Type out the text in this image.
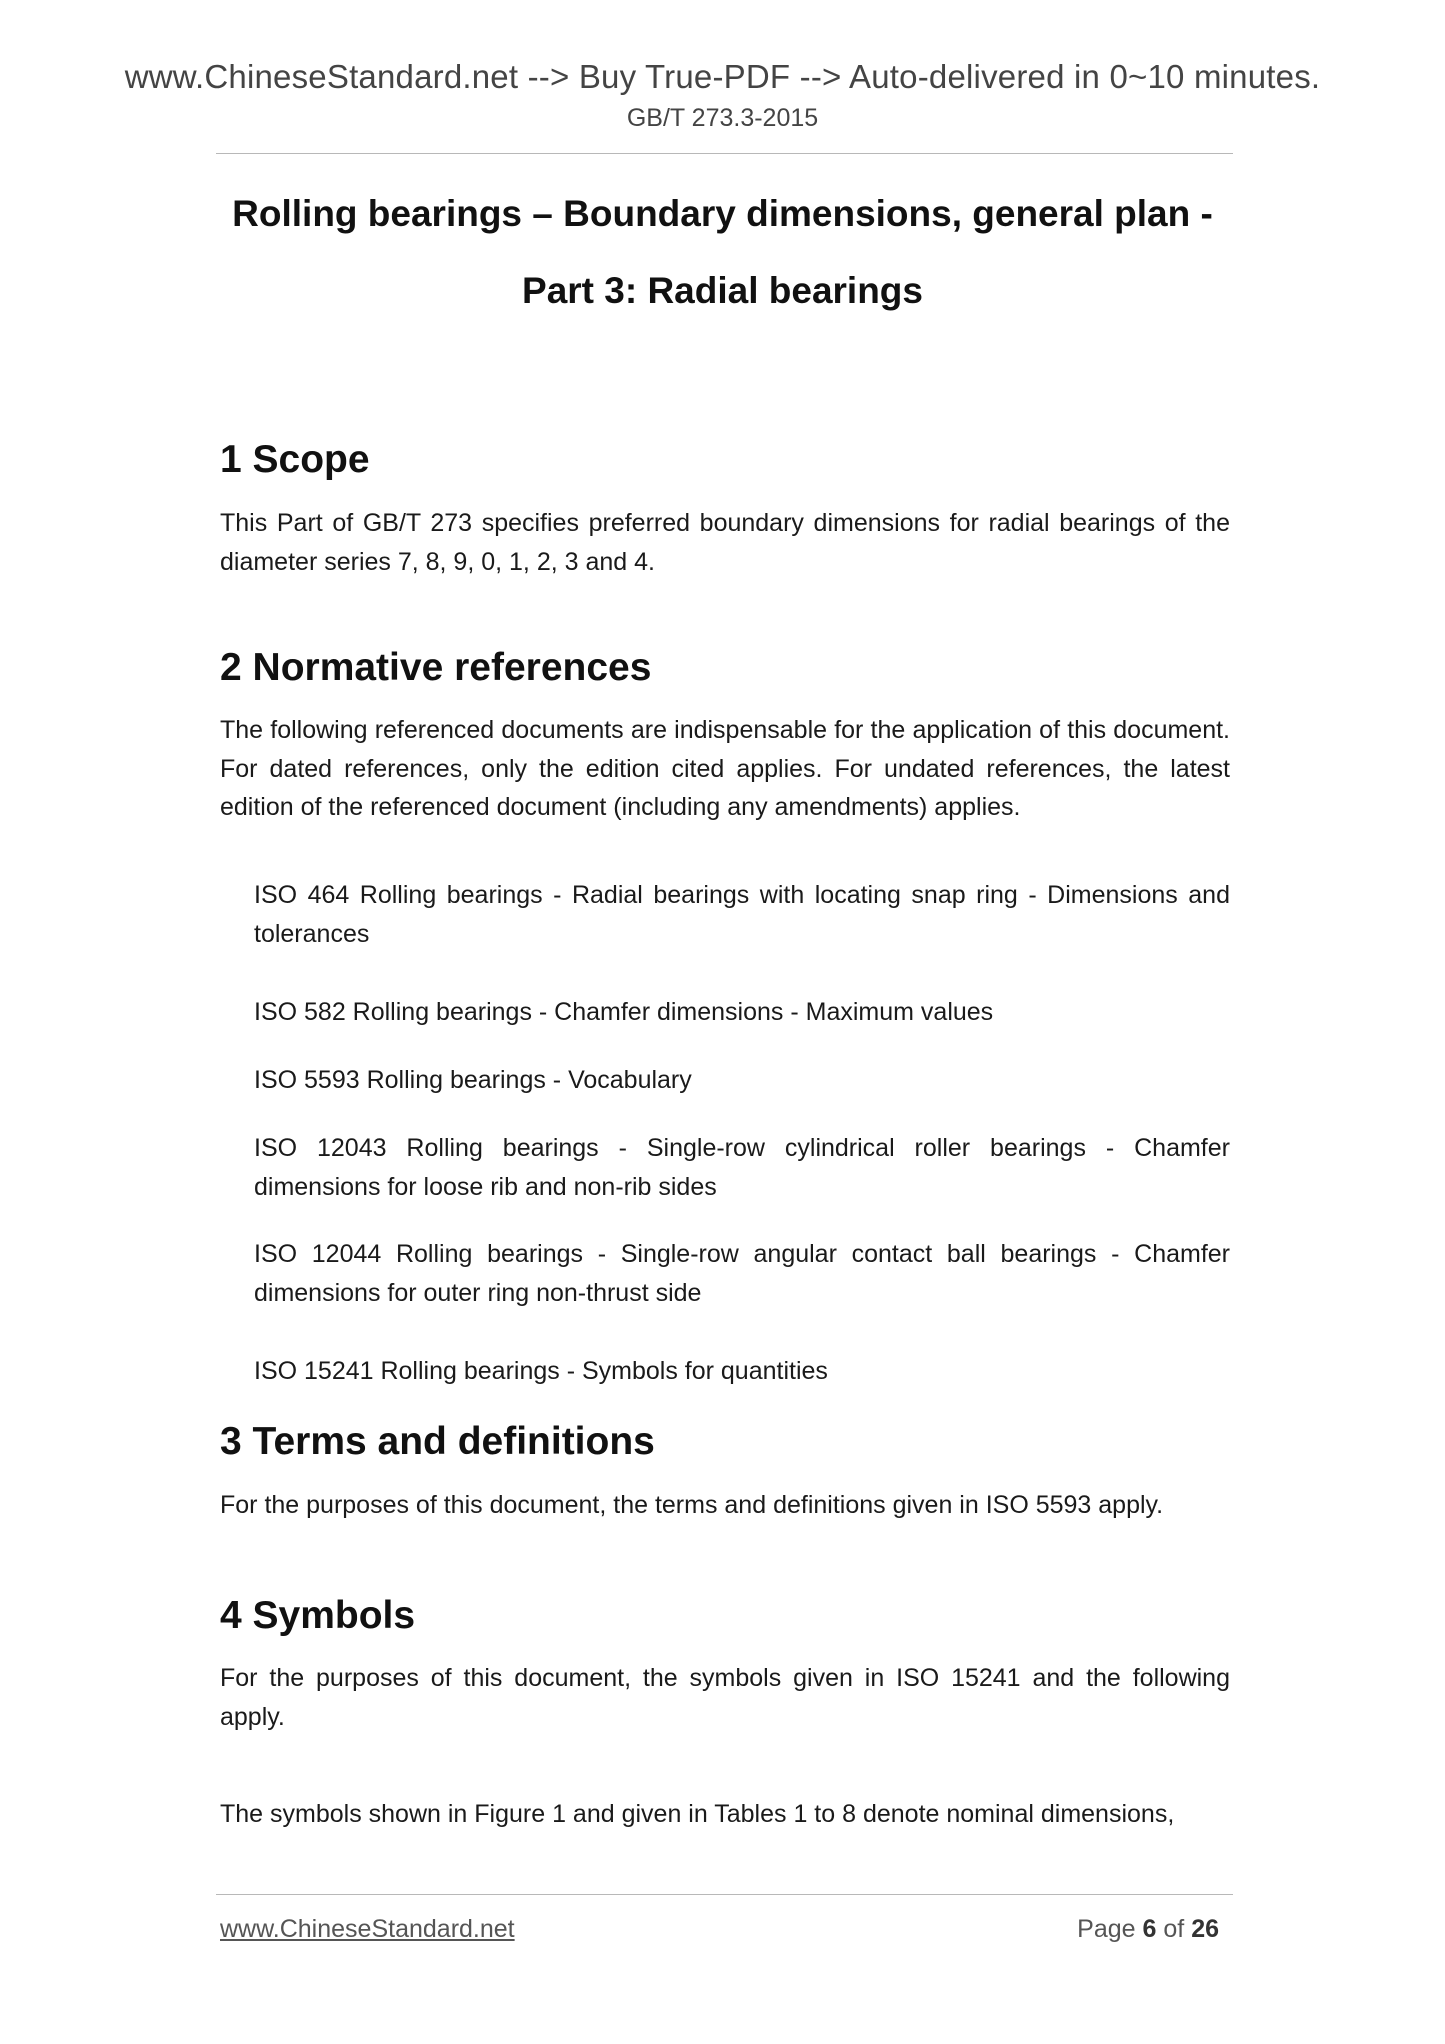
www.ChineseStandard.net --> Buy True-PDF --> Auto-delivered in 0~10 minutes.
GB/T 273.3-2015
Rolling bearings – Boundary dimensions, general plan -
Part 3: Radial bearings
1 Scope

This Part of GB/T 273 specifies preferred boundary dimensions for radial bearings of the diameter series 7, 8, 9, 0, 1, 2, 3 and 4.

2 Normative references

The following referenced documents are indispensable for the application of this document. For dated references, only the edition cited applies. For undated references, the latest edition of the referenced document (including any amendments) applies.

ISO 464 Rolling bearings - Radial bearings with locating snap ring - Dimensions and tolerances

ISO 582 Rolling bearings - Chamfer dimensions - Maximum values

ISO 5593 Rolling bearings - Vocabulary

ISO 12043 Rolling bearings - Single-row cylindrical roller bearings - Chamfer dimensions for loose rib and non-rib sides

ISO 12044 Rolling bearings - Single-row angular contact ball bearings - Chamfer dimensions for outer ring non-thrust side

ISO 15241 Rolling bearings - Symbols for quantities

3 Terms and definitions

For the purposes of this document, the terms and definitions given in ISO 5593 apply.

4 Symbols

For the purposes of this document, the symbols given in ISO 15241 and the following apply.

The symbols shown in Figure 1 and given in Tables 1 to 8 denote nominal dimensions,

www.ChineseStandard.net	Page 6 of 26
